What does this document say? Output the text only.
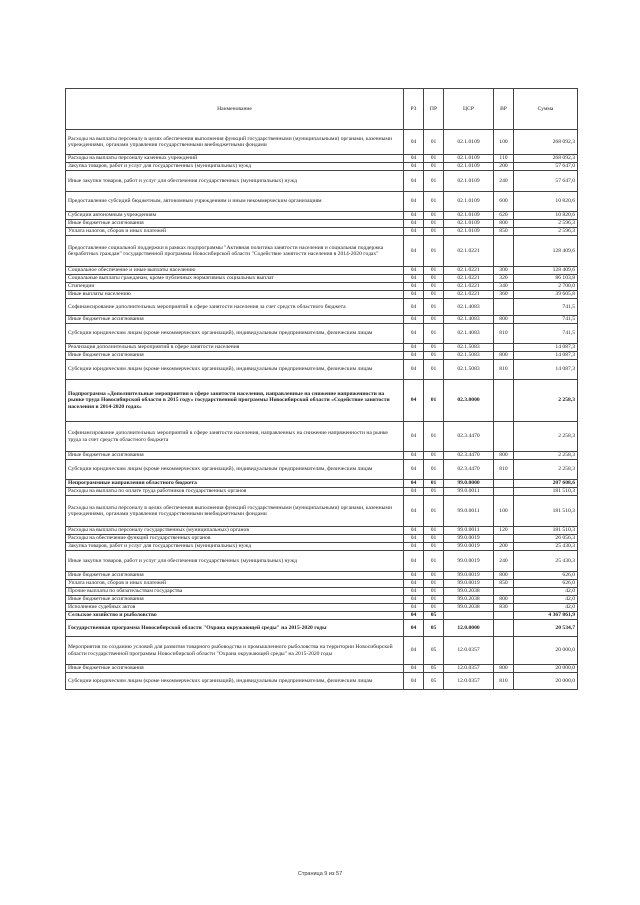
Наименование	РЗ	ПР	ЦСР	ВР	Сумма
Расходы на выплаты персоналу в целях обеспечения выполнения функций государственными (муниципальными) органами, казенными учреждениями, органами управления государственными внебюджетными фондами	04	01	02.1.0109	100	268 092,3
Расходы на выплаты персоналу казенных учреждений	04	01	02.1.0109	110	268 092,3
Закупка товаров, работ и услуг для государственных (муниципальных) нужд	04	01	02.1.0109	200	57 647,0
Иные закупки товаров, работ и услуг для обеспечения государственных (муниципальных) нужд	04	01	02.1.0109	240	57 647,0
Предоставление субсидий бюджетным, автономным учреждениям и иным некоммерческим организациям	04	01	02.1.0109	600	10 820,6
Субсидии автономным учреждениям	04	01	02.1.0109	620	10 820,6
Иные бюджетные ассигнования	04	01	02.1.0109	800	2 596,3
Уплата налогов, сборов и иных платежей	04	01	02.1.0109	850	2 596,3
Предоставление социальной поддержки в рамках подпрограммы "Активная политика занятости населения и социальная поддержка безработных граждан" государственной программы Новосибирской области "Содействие занятости населения в 2014-2020 годах"	04	01	02.1.0221		128 409,6
Социальное обеспечение и иные выплаты населению	04	01	02.1.0221	300	128 409,6
Социальные выплаты гражданам, кроме публичных нормативных социальных выплат	04	01	02.1.0221	320	86 103,8
Стипендии	04	01	02.1.0221	340	2 700,0
Иные выплаты населению	04	01	02.1.0221	360	39 605,8
Софинансирование дополнительных мероприятий в сфере занятости населения за счет средств областного бюджета	04	01	02.1.4083		741,5
Иные бюджетные ассигнования	04	01	02.1.4083	800	741,5
Субсидии юридическим лицам (кроме некоммерческих организаций), индивидуальным предпринимателям, физическим лицам	04	01	02.1.4083	810	741,5
Реализация дополнительных мероприятий в сфере занятости населения	04	01	02.1.5083		14 087,3
Иные бюджетные ассигнования	04	01	02.1.5083	800	14 087,3
Субсидии юридическим лицам (кроме некоммерческих организаций), индивидуальным предпринимателям, физическим лицам	04	01	02.1.5083	810	14 087,3
Подпрограмма «Дополнительные мероприятия в сфере занятости населения, направленные на снижение напряженности на рынке труда Новосибирской области в 2015 году» государственной программы Новосибирской области «Содействие занятости населения в 2014-2020 годах»	04	01	02.3.0000		2 258,3
Софинансирование дополнительных мероприятий в сфере занятости населения, направленных на снижение напряженности на рынке труда за счет средств областного бюджета	04	01	02.3.4470		2 258,3
Иные бюджетные ассигнования	04	01	02.3.4470	800	2 258,3
Субсидии юридическим лицам (кроме некоммерческих организаций), индивидуальным предпринимателям, физическим лицам	04	01	02.3.4470	810	2 258,3
Непрограммные направления областного бюджета	04	01	99.0.0000		207 608,6
Расходы на выплаты по оплате труда работников государственных органов	04	01	99.0.0011		181 510,3
Расходы на выплаты персоналу в целях обеспечения выполнения функций государственными (муниципальными) органами, казенными учреждениями, органами управления государственными внебюджетными фондами	04	01	99.0.0011	100	181 510,3
Расходы на выплаты персоналу государственных (муниципальных) органов	04	01	99.0.0011	120	181 510,3
Расходы на обеспечение функций государственных органов	04	01	99.0.0019		26 056,3
Закупка товаров, работ и услуг для государственных (муниципальных) нужд	04	01	99.0.0019	200	25 430,3
Иные закупки товаров, работ и услуг для обеспечения государственных (муниципальных) нужд	04	01	99.0.0019	240	25 430,3
Иные бюджетные ассигнования	04	01	99.0.0019	800	626,0
Уплата налогов, сборов и иных платежей	04	01	99.0.0019	850	626,0
Прочие выплаты по обязательствам государства	04	01	99.0.2038		42,0
Иные бюджетные ассигнования	04	01	99.0.2038	800	42,0
Исполнение судебных актов	04	01	99.0.2038	830	42,0
Сельское хозяйство и рыболовство	04	05			4 367 861,9
Государственная программа Новосибирской области "Охрана окружающей среды" на 2015-2020 годы	04	05	12.0.0000		20 534,7
Мероприятия по созданию условий для развития товарного рыбоводства и промышленного рыболовства на территории Новосибирской области государственной программы Новосибирской области "Охрана окружающей среды" на 2015-2020 годы	04	05	12.0.0357		20 000,0
Иные бюджетные ассигнования	04	05	12.0.0357	800	20 000,0
Субсидии юридическим лицам (кроме некоммерческих организаций), индивидуальным предпринимателям, физическим лицам	04	05	12.0.0357	810	20 000,0
Страница 9 из 57
